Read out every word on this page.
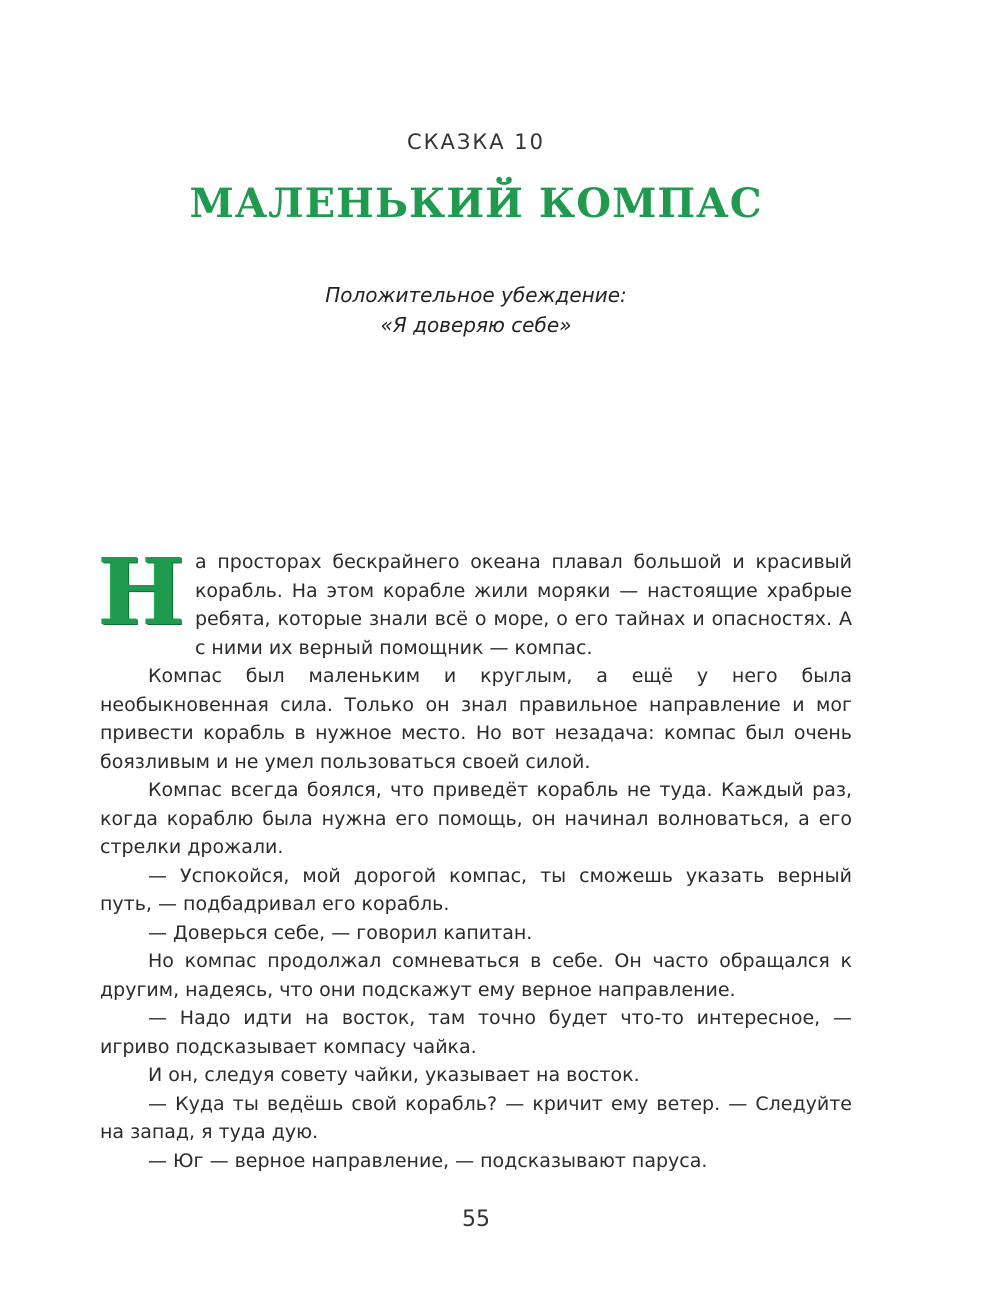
СКАЗКА 10
МАЛЕНЬКИЙ КОМПАС
Положительное убеждение:
«Я доверяю себе»

На просторах бескрайнего океана плавал большой и красивый корабль. На этом корабле жили моряки — настоящие храбрые ребята, которые знали всё о море, о его тайнах и опасностях. А с ними их верный помощник — компас.

Компас был маленьким и круглым, а ещё у него была необыкновенная сила. Только он знал правильное направление и мог привести корабль в нужное место. Но вот незадача: компас был очень боязливым и не умел пользоваться своей силой.

Компас всегда боялся, что приведёт корабль не туда. Каждый раз, когда кораблю была нужна его помощь, он начинал волноваться, а его стрелки дрожали.

— Успокойся, мой дорогой компас, ты сможешь указать верный путь, — подбадривал его корабль.

— Доверься себе, — говорил капитан.

Но компас продолжал сомневаться в себе. Он часто обращался к другим, надеясь, что они подскажут ему верное направление.

— Надо идти на восток, там точно будет что-то интересное, — игриво подсказывает компасу чайка.

И он, следуя совету чайки, указывает на восток.

— Куда ты ведёшь свой корабль? — кричит ему ветер. — Следуйте на запад, я туда дую.

— Юг — верное направление, — подсказывают паруса.

55
